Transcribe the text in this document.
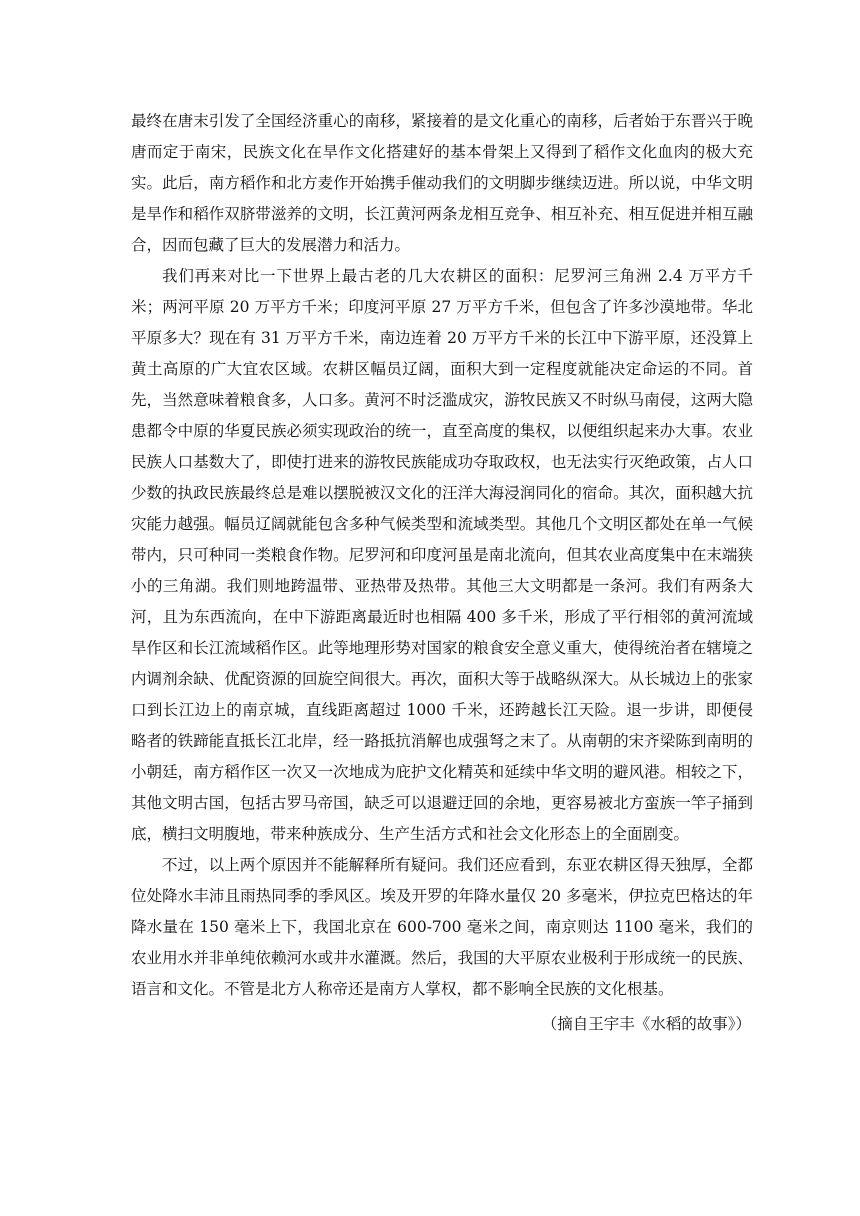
最终在唐末引发了全国经济重心的南移，紧接着的是文化重心的南移，后者始于东晋兴于晚唐而定于南宋，民族文化在旱作文化搭建好的基本骨架上又得到了稻作文化血肉的极大充实。此后，南方稻作和北方麦作开始携手催动我们的文明脚步继续迈进。所以说，中华文明是旱作和稻作双脐带滋养的文明，长江黄河两条龙相互竞争、相互补充、相互促进并相互融合，因而包藏了巨大的发展潜力和活力。

我们再来对比一下世界上最古老的几大农耕区的面积：尼罗河三角洲 2.4 万平方千米；两河平原 20 万平方千米；印度河平原 27 万平方千米，但包含了许多沙漠地带。华北平原多大？现在有 31 万平方千米，南边连着 20 万平方千米的长江中下游平原，还没算上黄土高原的广大宜农区域。农耕区幅员辽阔，面积大到一定程度就能决定命运的不同。首先，当然意味着粮食多，人口多。黄河不时泛滥成灾，游牧民族又不时纵马南侵，这两大隐患都令中原的华夏民族必须实现政治的统一，直至高度的集权，以便组织起来办大事。农业民族人口基数大了，即使打进来的游牧民族能成功夺取政权，也无法实行灭绝政策，占人口少数的执政民族最终总是难以摆脱被汉文化的汪洋大海浸润同化的宿命。其次，面积越大抗灾能力越强。幅员辽阔就能包含多种气候类型和流域类型。其他几个文明区都处在单一气候带内，只可种同一类粮食作物。尼罗河和印度河虽是南北流向，但其农业高度集中在末端狭小的三角湖。我们则地跨温带、亚热带及热带。其他三大文明都是一条河。我们有两条大河，且为东西流向，在中下游距离最近时也相隔 400 多千米，形成了平行相邻的黄河流域旱作区和长江流域稻作区。此等地理形势对国家的粮食安全意义重大，使得统治者在辖境之内调剂余缺、优配资源的回旋空间很大。再次，面积大等于战略纵深大。从长城边上的张家口到长江边上的南京城，直线距离超过 1000 千米，还跨越长江天险。退一步讲，即便侵略者的铁蹄能直抵长江北岸，经一路抵抗消解也成强弩之末了。从南朝的宋齐梁陈到南明的小朝廷，南方稻作区一次又一次地成为庇护文化精英和延续中华文明的避风港。相较之下，其他文明古国，包括古罗马帝国，缺乏可以退避迂回的余地，更容易被北方蛮族一竿子捅到底，横扫文明腹地，带来种族成分、生产生活方式和社会文化形态上的全面剧变。

不过，以上两个原因并不能解释所有疑问。我们还应看到，东亚农耕区得天独厚，全都位处降水丰沛且雨热同季的季风区。埃及开罗的年降水量仅 20 多毫米，伊拉克巴格达的年降水量在 150 毫米上下，我国北京在 600-700 毫米之间，南京则达 1100 毫米，我们的农业用水并非单纯依赖河水或井水灌溉。然后，我国的大平原农业极利于形成统一的民族、语言和文化。不管是北方人称帝还是南方人掌权，都不影响全民族的文化根基。

（摘自王宇丰《水稻的故事》）
